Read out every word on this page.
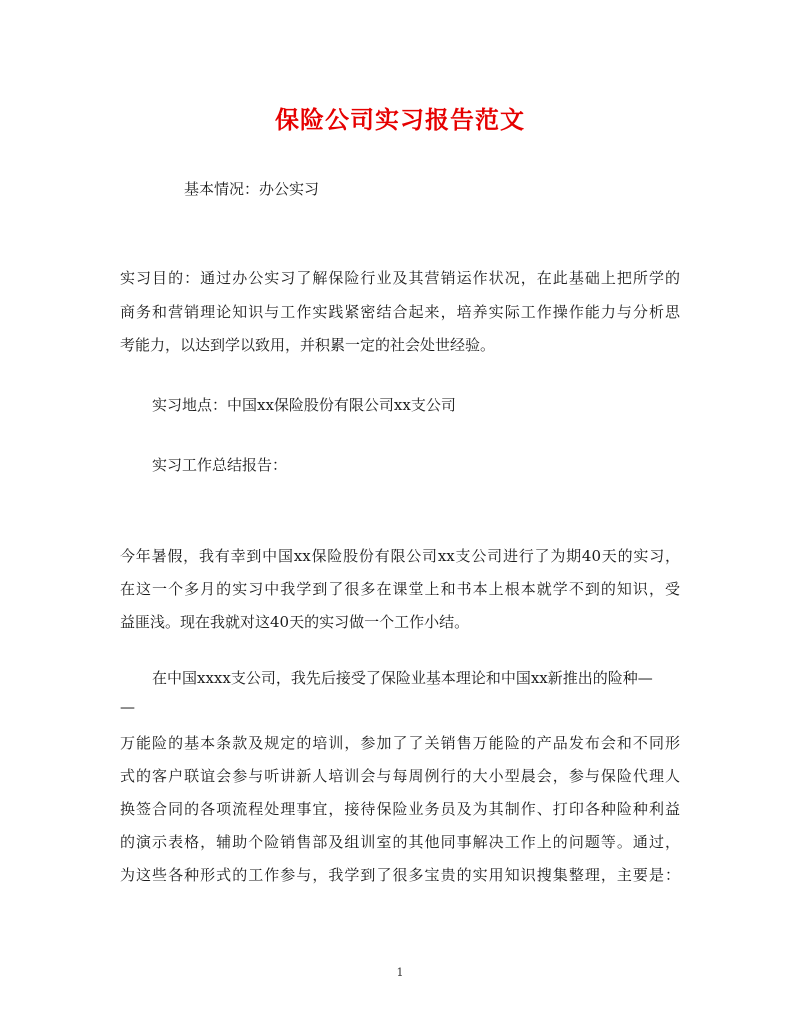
保险公司实习报告范文
基本情况：办公实习
实习目的：通过办公实习了解保险行业及其营销运作状况，在此基础上把所学的
商务和营销理论知识与工作实践紧密结合起来，培养实际工作操作能力与分析思
考能力，以达到学以致用，并积累一定的社会处世经验。
实习地点：中国xx保险股份有限公司xx支公司
实习工作总结报告：
今年暑假，我有幸到中国xx保险股份有限公司xx支公司进行了为期40天的实习，
在这一个多月的实习中我学到了很多在课堂上和书本上根本就学不到的知识，受
益匪浅。现在我就对这40天的实习做一个工作小结。
在中国xxxx支公司，我先后接受了保险业基本理论和中国xx新推出的险种—
—
万能险的基本条款及规定的培训，参加了了关销售万能险的产品发布会和不同形
式的客户联谊会参与听讲新人培训会与每周例行的大小型晨会，参与保险代理人
换签合同的各项流程处理事宜，接待保险业务员及为其制作、打印各种险种利益
的演示表格，辅助个险销售部及组训室的其他同事解决工作上的问题等。通过，
为这些各种形式的工作参与，我学到了很多宝贵的实用知识搜集整理，主要是：
1
